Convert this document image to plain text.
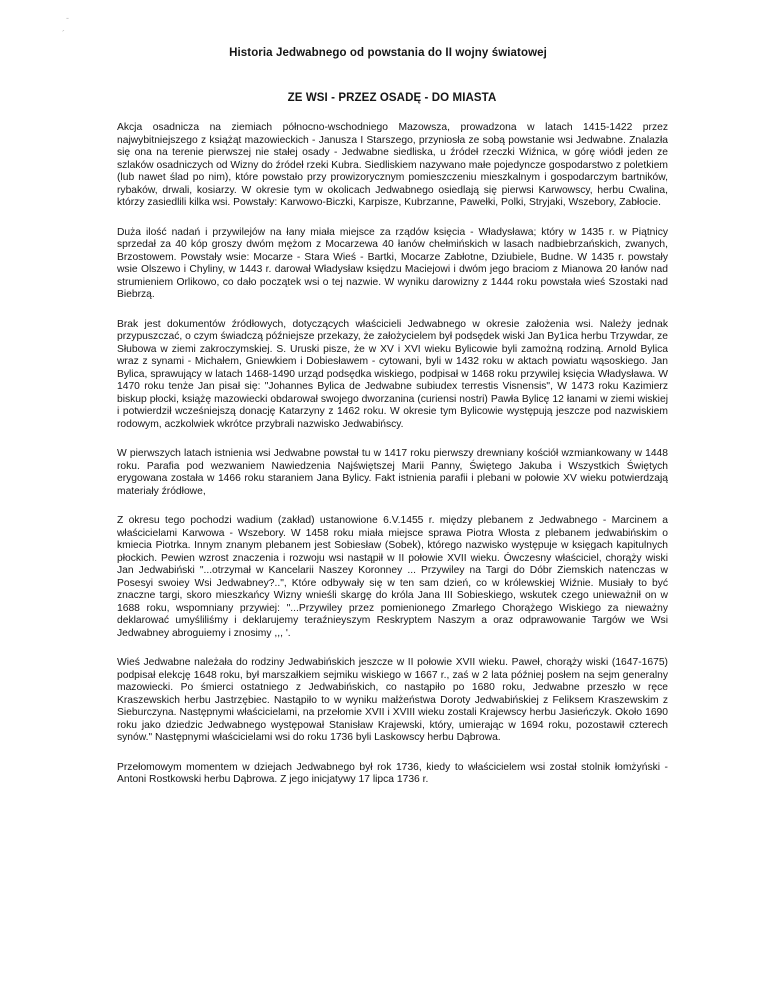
-
´
Historia Jedwabnego od powstania do II wojny światowej
ZE WSI - PRZEZ OSADĘ - DO MIASTA

Akcja osadnicza na ziemiach północno-wschodniego Mazowsza, prowadzona w latach 1415-1422 przez najwybitniejszego z książąt mazowieckich - Janusza I Starszego, przyniosła ze sobą powstanie wsi Jedwabne. Znalazła się ona na terenie pierwszej nie stałej osady - Jedwabne siedliska, u źródeł rzeczki Wiźnica, w górę wiódł jeden ze szlaków osadniczych od Wizny do źródeł rzeki Kubra. Siedliskiem nazywano małe pojedyncze gospodarstwo z poletkiem (lub nawet ślad po nim), które powstało przy prowizorycznym pomieszczeniu mieszkalnym i gospodarczym bartników, rybaków, drwali, kosiarzy. W okresie tym w okolicach Jedwabnego osiedlają się pierwsi Karwowscy, herbu Cwalina, którzy zasiedlili kilka wsi. Powstały: Karwowo-Biczki, Karpisze, Kubrzanne, Pawełki, Polki, Stryjaki, Wszebory, Zabłocie.

Duża ilość nadań i przywilejów na łany miała miejsce za rządów księcia - Władysława; który w 1435 r. w Piątnicy sprzedał za 40 kóp groszy dwóm mężom z Mocarzewa 40 łanów chełmińskich w lasach nadbiebrzańskich, zwanych, Brzostowem. Powstały wsie: Mocarze - Stara Wieś - Bartki, Mocarze Zabłotne, Dziubiele, Budne. W 1435 r. powstały wsie Olszewo i Chyliny, w 1443 r. darował Władysław księdzu Maciejowi i dwóm jego braciom z Mianowa 20 łanów nad strumieniem Orlikowo, co dało początek wsi o tej nazwie. W wyniku darowizny z 1444 roku powstała wieś Szostaki nad Biebrzą.

Brak jest dokumentów źródłowych, dotyczących właścicieli Jedwabnego w okresie założenia wsi. Należy jednak przypuszczać, o czym świadczą późniejsze przekazy, że założycielem był podsędek wiski Jan By1ica herbu Trzywdar, ze Słubowa w ziemi zakroczymskiej. S. Uruski pisze, że w XV i XVI wieku Bylicowie byli zamożną rodziną. Arnold Bylica wraz z synami - Michałem, Gniewkiem i Dobiesławem - cytowani, byli w 1432 roku w aktach powiatu wąsoskiego. Jan Bylica, sprawujący w latach 1468-1490 urząd podsędka wiskiego, podpisał w 1468 roku przywilej księcia Władysława. W 1470 roku tenże Jan pisał się: "Johannes Bylica de Jedwabne subiudex terrestis Visnensis", W 1473 roku Kazimierz biskup płocki, książę mazowiecki obdarował swojego dworzanina (curiensi nostri) Pawła Bylicę 12 łanami w ziemi wiskiej i potwierdził wcześniejszą donację Katarzyny z 1462 roku. W okresie tym Bylicowie występują jeszcze pod nazwiskiem rodowym, aczkolwiek wkrótce przybrali nazwisko Jedwabińscy.

W pierwszych latach istnienia wsi Jedwabne powstał tu w 1417 roku pierwszy drewniany kościół wzmiankowany w 1448 roku. Parafia pod wezwaniem Nawiedzenia Najświętszej Marii Panny, Świętego Jakuba i Wszystkich Świętych erygowana została w 1466 roku staraniem Jana Bylicy. Fakt istnienia parafii i plebani w połowie XV wieku potwierdzają materiały źródłowe,

Z okresu tego pochodzi wadium (zakład) ustanowione 6.V.1455 r. między plebanem z Jedwabnego - Marcinem a właścicielami Karwowa - Wszebory. W 1458 roku miała miejsce sprawa Piotra Włosta z plebanem jedwabińskim o kmiecia Piotrka. Innym znanym plebanem jest Sobiesław (Sobek), którego nazwisko występuje w księgach kapitulnych płockich. Pewien wzrost znaczenia i rozwoju wsi nastąpił w II połowie XVII wieku. Ówczesny właściciel, chorąży wiski Jan Jedwabiński "...otrzymał w Kancelarii Naszey Koronney ... Przywiley na Targi do Dóbr Ziemskich natenczas w Posesyi swoiey Wsi Jedwabney?..", Które odbywały się w ten sam dzień, co w królewskiej Wiźnie. Musiały to być znaczne targi, skoro mieszkańcy Wizny wnieśli skargę do króla Jana III Sobieskiego, wskutek czego unieważnił on w 1688 roku, wspomniany przywiej: "...Przywiley przez pomienionego Zmarłego Chorążego Wiskiego za nieważny deklarować umyśliliśmy i deklarujemy teraźnieyszym Reskryptem Naszym a oraz odprawowanie Targów we Wsi Jedwabney abroguiemy i znosimy ,,, '.

Wieś Jedwabne należała do rodziny Jedwabińskich jeszcze w II połowie XVII wieku. Paweł, chorąży wiski (1647-1675) podpisał elekcję 1648 roku, był marszałkiem sejmiku wiskiego w 1667 r., zaś w 2 lata później posłem na sejm generalny mazowiecki. Po śmierci ostatniego z Jedwabińskich, co nastąpiło po 1680 roku, Jedwabne przeszło w ręce Kraszewskich herbu Jastrzębiec. Nastąpiło to w wyniku małżeństwa Doroty Jedwabińskiej z Feliksem Kraszewskim z Sieburczyna. Następnymi właścicielami, na przełomie XVII i XVIII wieku zostali Krajewscy herbu Jasieńczyk. Około 1690 roku jako dziedzic Jedwabnego występował Stanisław Krajewski, który, umierając w 1694 roku, pozostawił czterech synów." Następnymi właścicielami wsi do roku 1736 byli Laskowscy herbu Dąbrowa.

Przełomowym momentem w dziejach Jedwabnego był rok 1736, kiedy to właścicielem wsi został stolnik łomżyński - Antoni Rostkowski herbu Dąbrowa. Z jego inicjatywy 17 lipca 1736 r.
